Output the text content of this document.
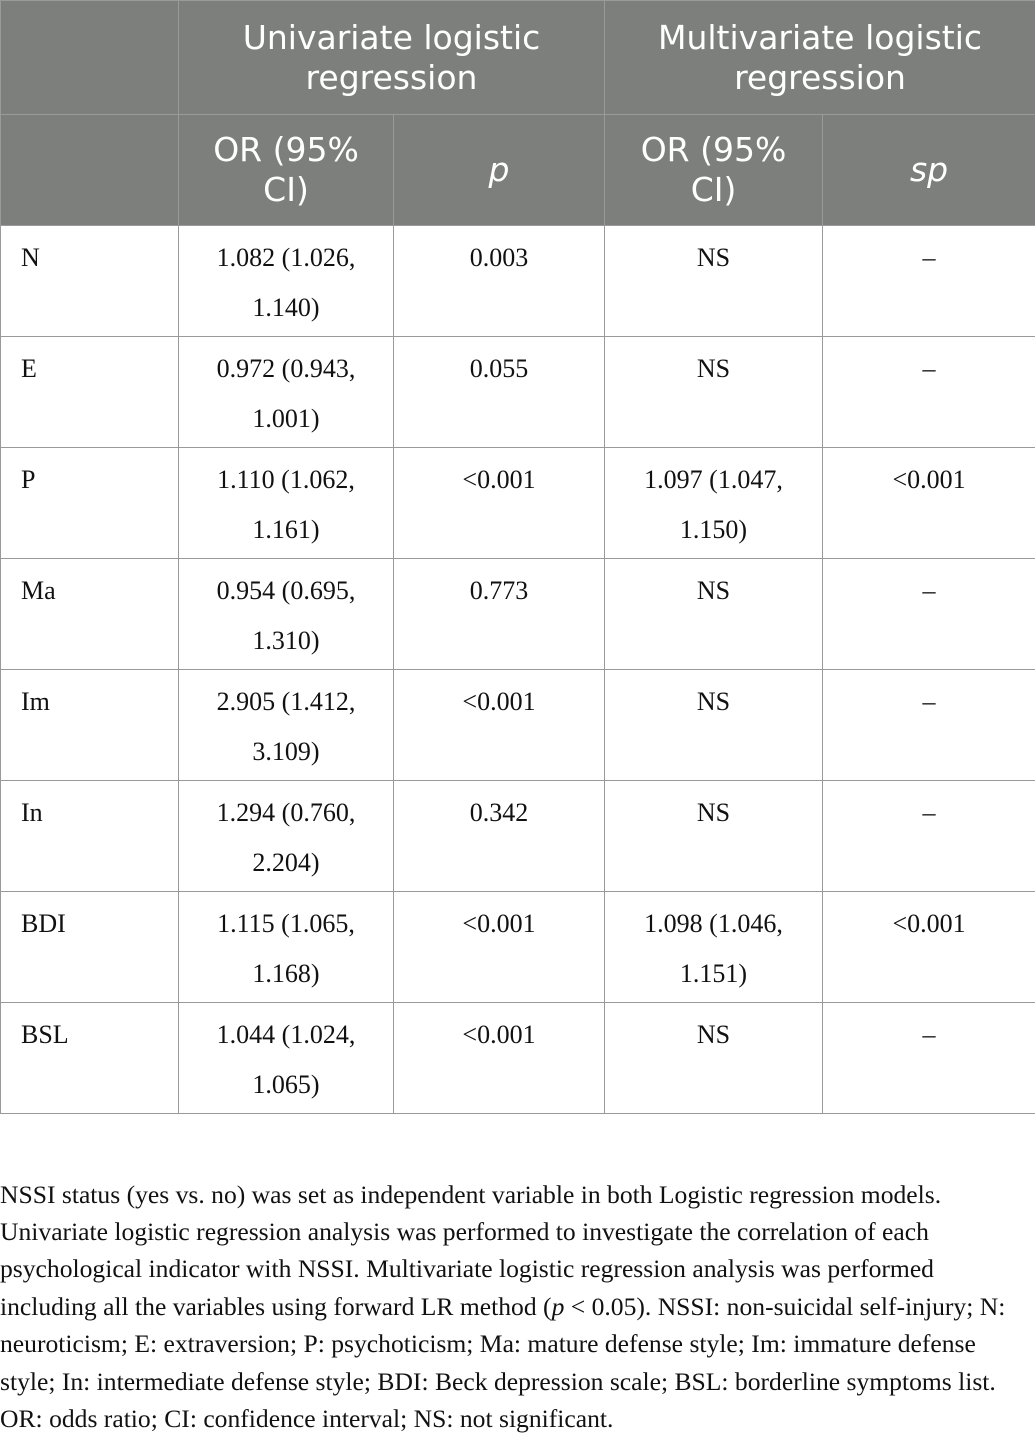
	Univariate logistic regression		Multivariate logistic regression	
	OR (95% CI)	p	OR (95% CI)	sp
N	1.082 (1.026, 1.140)	0.003	NS	–
E	0.972 (0.943, 1.001)	0.055	NS	–
P	1.110 (1.062, 1.161)	<0.001	1.097 (1.047, 1.150)	<0.001
Ma	0.954 (0.695, 1.310)	0.773	NS	–
Im	2.905 (1.412, 3.109)	<0.001	NS	–
In	1.294 (0.760, 2.204)	0.342	NS	–
BDI	1.115 (1.065, 1.168)	<0.001	1.098 (1.046, 1.151)	<0.001
BSL	1.044 (1.024, 1.065)	<0.001	NS	–

NSSI status (yes vs. no) was set as independent variable in both Logistic regression models. Univariate logistic regression analysis was performed to investigate the correlation of each psychological indicator with NSSI. Multivariate logistic regression analysis was performed including all the variables using forward LR method (p < 0.05). NSSI: non-suicidal self-injury; N: neuroticism; E: extraversion; P: psychoticism; Ma: mature defense style; Im: immature defense style; In: intermediate defense style; BDI: Beck depression scale; BSL: borderline symptoms list. OR: odds ratio; CI: confidence interval; NS: not significant.
